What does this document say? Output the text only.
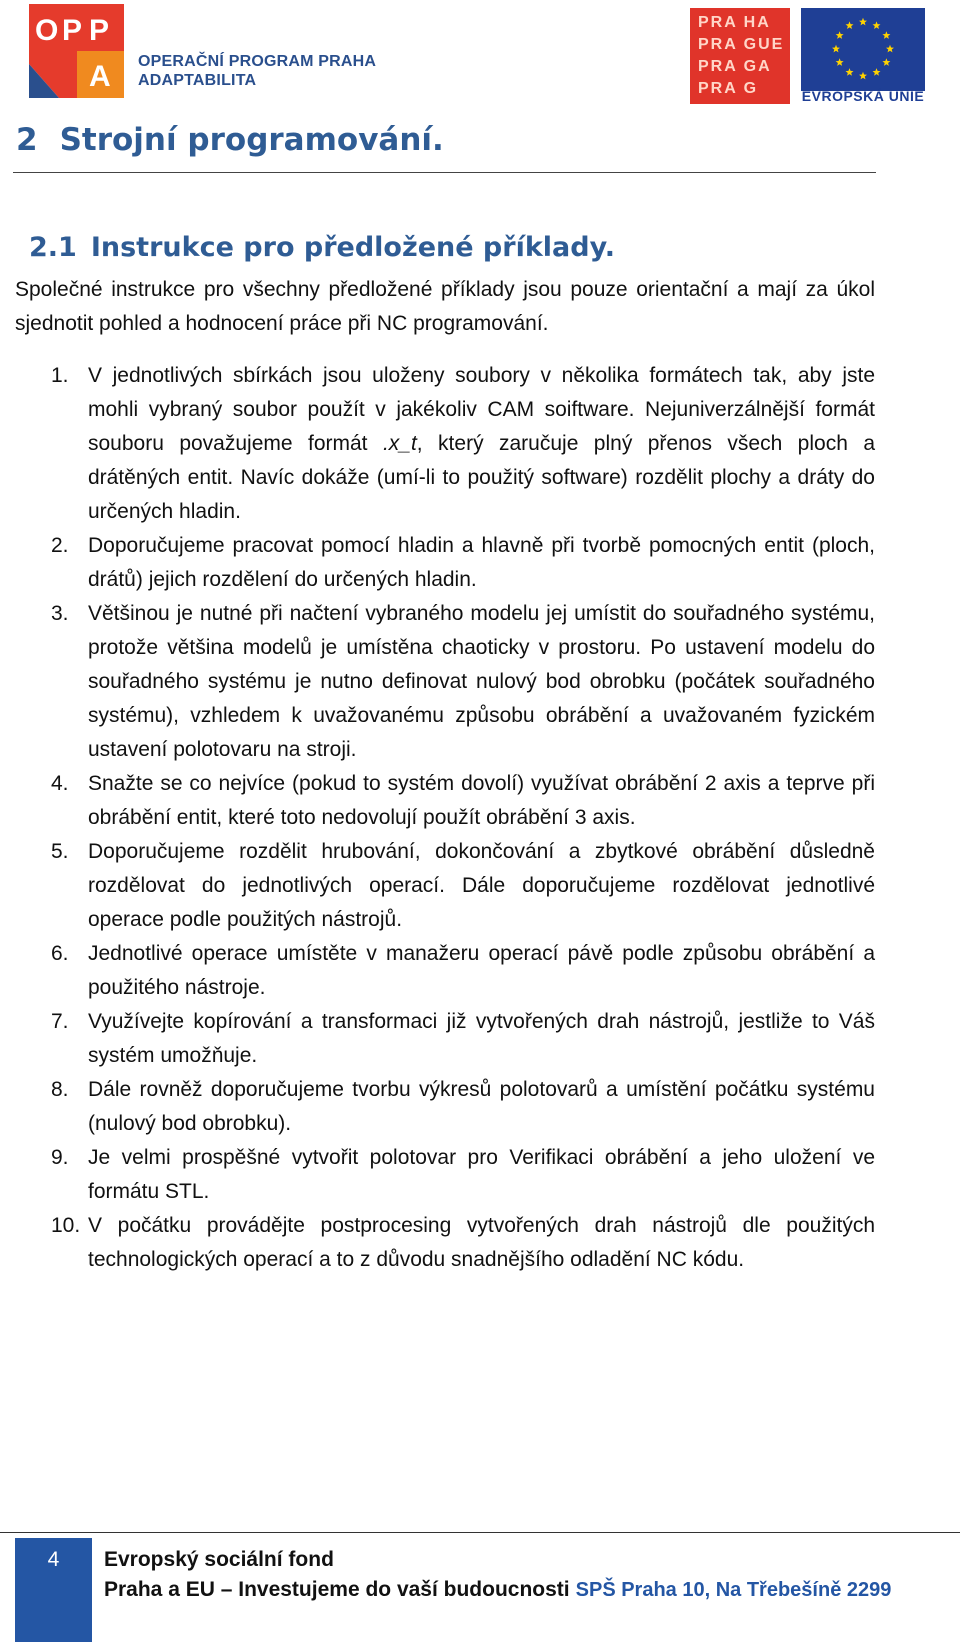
O P P
A OPERAČNÍ PROGRAM PRAHA
ADAPTABILITA
PRA HA
PRA GUE
PRA GA
PRA G	EVROPSKÁ UNIE
2 Strojní programování.
2.1 Instrukce pro předložené příklady.
Společné instrukce pro všechny předložené příklady jsou pouze orientační a mají za úkol sjednotit pohled a hodnocení práce při NC programování.
1. V jednotlivých sbírkách jsou uloženy soubory v několika formátech tak, aby jste mohli vybraný soubor použít v jakékoliv CAM soiftware. Nejuniverzálnější formát souboru považujeme formát .x_t, který zaručuje plný přenos všech ploch a drátěných entit. Navíc dokáže (umí-li to použitý software) rozdělit plochy a dráty do určených hladin.
2. Doporučujeme pracovat pomocí hladin a hlavně při tvorbě pomocných entit (ploch, drátů) jejich rozdělení do určených hladin.
3. Většinou je nutné při načtení vybraného modelu jej umístit do souřadného systému, protože většina modelů je umístěna chaoticky v prostoru. Po ustavení modelu do souřadného systému je nutno definovat nulový bod obrobku (počátek souřadného systému), vzhledem k uvažovanému způsobu obrábění a uvažovaném fyzickém ustavení polotovaru na stroji.
4. Snažte se co nejvíce (pokud to systém dovolí) využívat obrábění 2 axis a teprve při obrábění entit, které toto nedovolují použít obrábění 3 axis.
5. Doporučujeme rozdělit hrubování, dokončování a zbytkové obrábění důsledně rozdělovat do jednotlivých operací. Dále doporučujeme rozdělovat jednotlivé operace podle použitých nástrojů.
6. Jednotlivé operace umístěte v manažeru operací pávě podle způsobu obrábění a použitého nástroje.
7. Využívejte kopírování a transformaci již vytvořených drah nástrojů, jestliže to Váš systém umožňuje.
8. Dále rovněž doporučujeme tvorbu výkresů polotovarů a umístění počátku systému (nulový bod obrobku).
9. Je velmi prospěšné vytvořit polotovar pro Verifikaci obrábění a jeho uložení ve formátu STL.
10. V počátku provádějte postprocesing vytvořených drah nástrojů dle použitých technologických operací a to z důvodu snadnějšího odladění NC kódu.
4	Evropský sociální fond
Praha a EU – Investujeme do vaší budoucnosti SPŠ Praha 10, Na Třebešíně 2299
